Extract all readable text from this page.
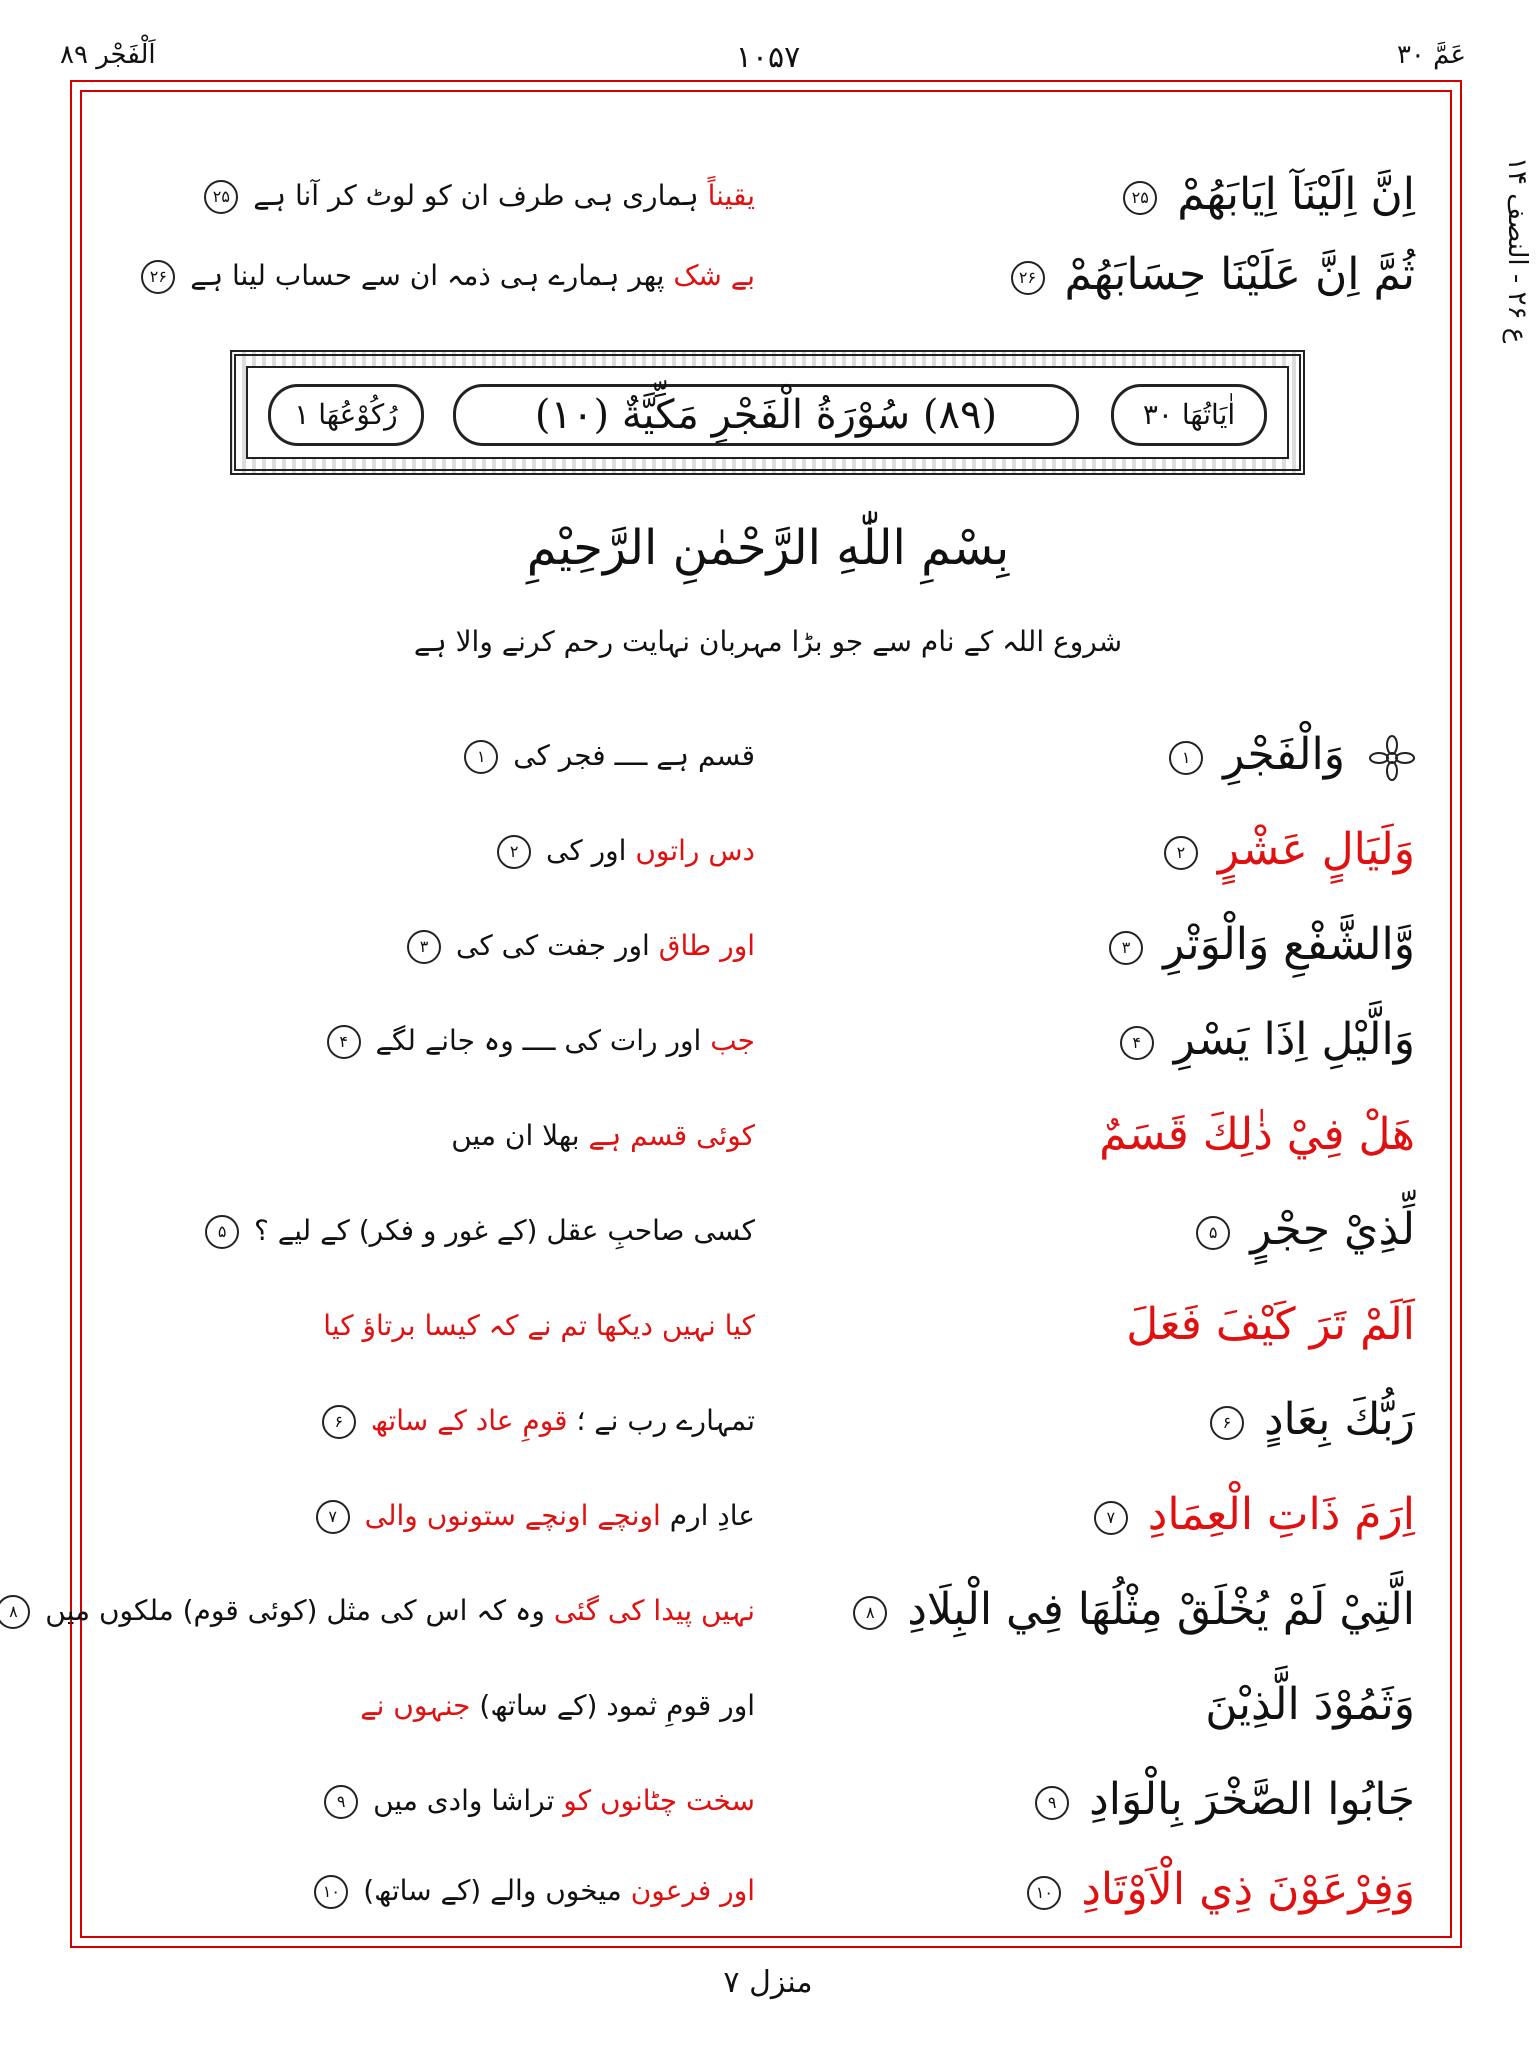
اَلْفَجْر ۸۹	۱۰۵۷	عَمَّ ۳۰
۱۴ ع ۲۶ - النصف
اِنَّ اِلَيْنَآ اِيَابَهُمْ ۲۵
یقیناً ہماری ہی طرف ان کو لوٹ کر آنا ہے ۲۵
ثُمَّ اِنَّ عَلَيْنَا حِسَابَهُمْ ۲۶
بے شک پھر ہمارے ہی ذمہ ان سے حساب لینا ہے ۲۶
رُكُوْعُهَا ۱	(۸۹) سُوْرَةُ الْفَجْرِ مَكِّيَّةٌ (۱۰)	اٰيَاتُهَا ۳۰
بِسْمِ اللّٰهِ الرَّحْمٰنِ الرَّحِيْمِ
شروع اللہ کے نام سے جو بڑا مہربان نہایت رحم کرنے والا ہے
وَالْفَجْرِ ۱
قسم ہے ــــ فجر کی ۱
وَلَيَالٍ عَشْرٍ ۲
دس راتوں اور کی ۲
وَّالشَّفْعِ وَالْوَتْرِ ۳
اور طاق اور جفت کی کی ۳
وَالَّيْلِ اِذَا يَسْرِ ۴
جب اور رات کی ــــ وہ جانے لگے ۴
هَلْ فِيْ ذٰلِكَ قَسَمٌ
کوئی قسم ہے بھلا ان میں
لِّذِيْ حِجْرٍ ۵
کسی صاحبِ عقل (کے غور و فکر) کے لیے ؟ ۵
اَلَمْ تَرَ كَيْفَ فَعَلَ
کیا نہیں دیکھا تم نے کہ کیسا برتاؤ کیا
رَبُّكَ بِعَادٍ ۶
تمہارے رب نے ؛ قومِ عاد کے ساتھ ۶
اِرَمَ ذَاتِ الْعِمَادِ ۷
عادِ ارم اونچے اونچے ستونوں والی ۷
الَّتِيْ لَمْ يُخْلَقْ مِثْلُهَا فِي الْبِلَادِ ۸
نہیں پیدا کی گئی وہ کہ اس کی مثل (کوئی قوم) ملکوں میں ۸
وَثَمُوْدَ الَّذِيْنَ
اور قومِ ثمود (کے ساتھ) جنہوں نے
جَابُوا الصَّخْرَ بِالْوَادِ ۹
سخت چٹانوں کو تراشا وادی میں ۹
وَفِرْعَوْنَ ذِي الْاَوْتَادِ ۱۰
اور فرعون میخوں والے (کے ساتھ) ۱۰
منزل ۷
